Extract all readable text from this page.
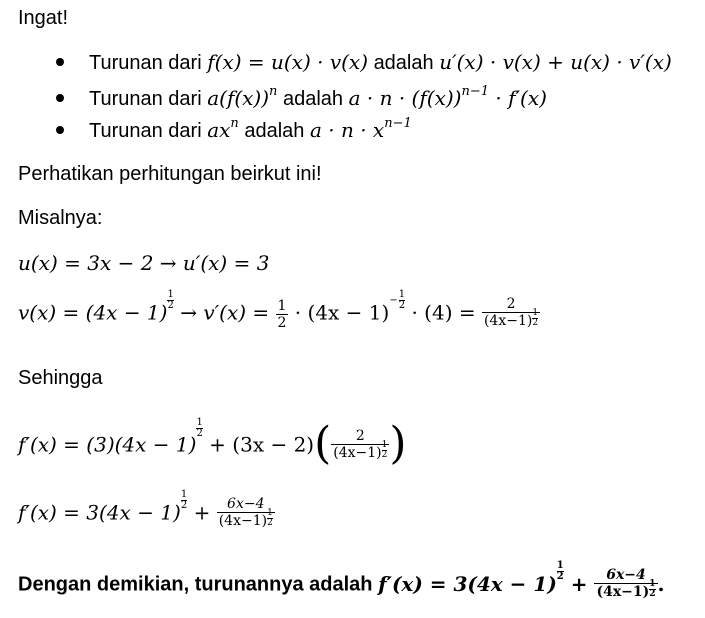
Ingat!
Turunan dari f(x) = u(x) · v(x) adalah u′(x) · v(x) + u(x) · v′(x)
Turunan dari $a(f(x))^n$ adalah $a \cdot n \cdot (f(x))^{n-1} \cdot f'(x)$
Turunan dari $ax^n$ adalah $a \cdot n \cdot x^{n-1}$
Perhatikan perhitungan beirkut ini!
Misalnya:
u(x) = 3x − 2 → u′(x) = 3
$v(x) = (4x - 1) \frac{1}{2} \to v'(x) = \frac{1}{2} \cdot (4x - 1)$
− $\frac{1}{2} \cdot (4) = \frac{2}{(4x-1) \frac{1}{2}}$
Sehingga
f′(x) = (3)(4x − 1)
$\frac{1}{2}$
+ $(3x - 2)( \frac{2}{(4x-1) \frac{1}{2}}$ )
$f'(x) = 3(4x - 1) \frac{1}{2} + \frac{6x-4}{(4x-1) \frac{1}{2}}$
Dengan demikian, turunannya adalah $f'(x) = 3(4x - 1) \frac{1}{2} + \frac{6x-4}{(4x-1) \frac{1}{2}}$ .
